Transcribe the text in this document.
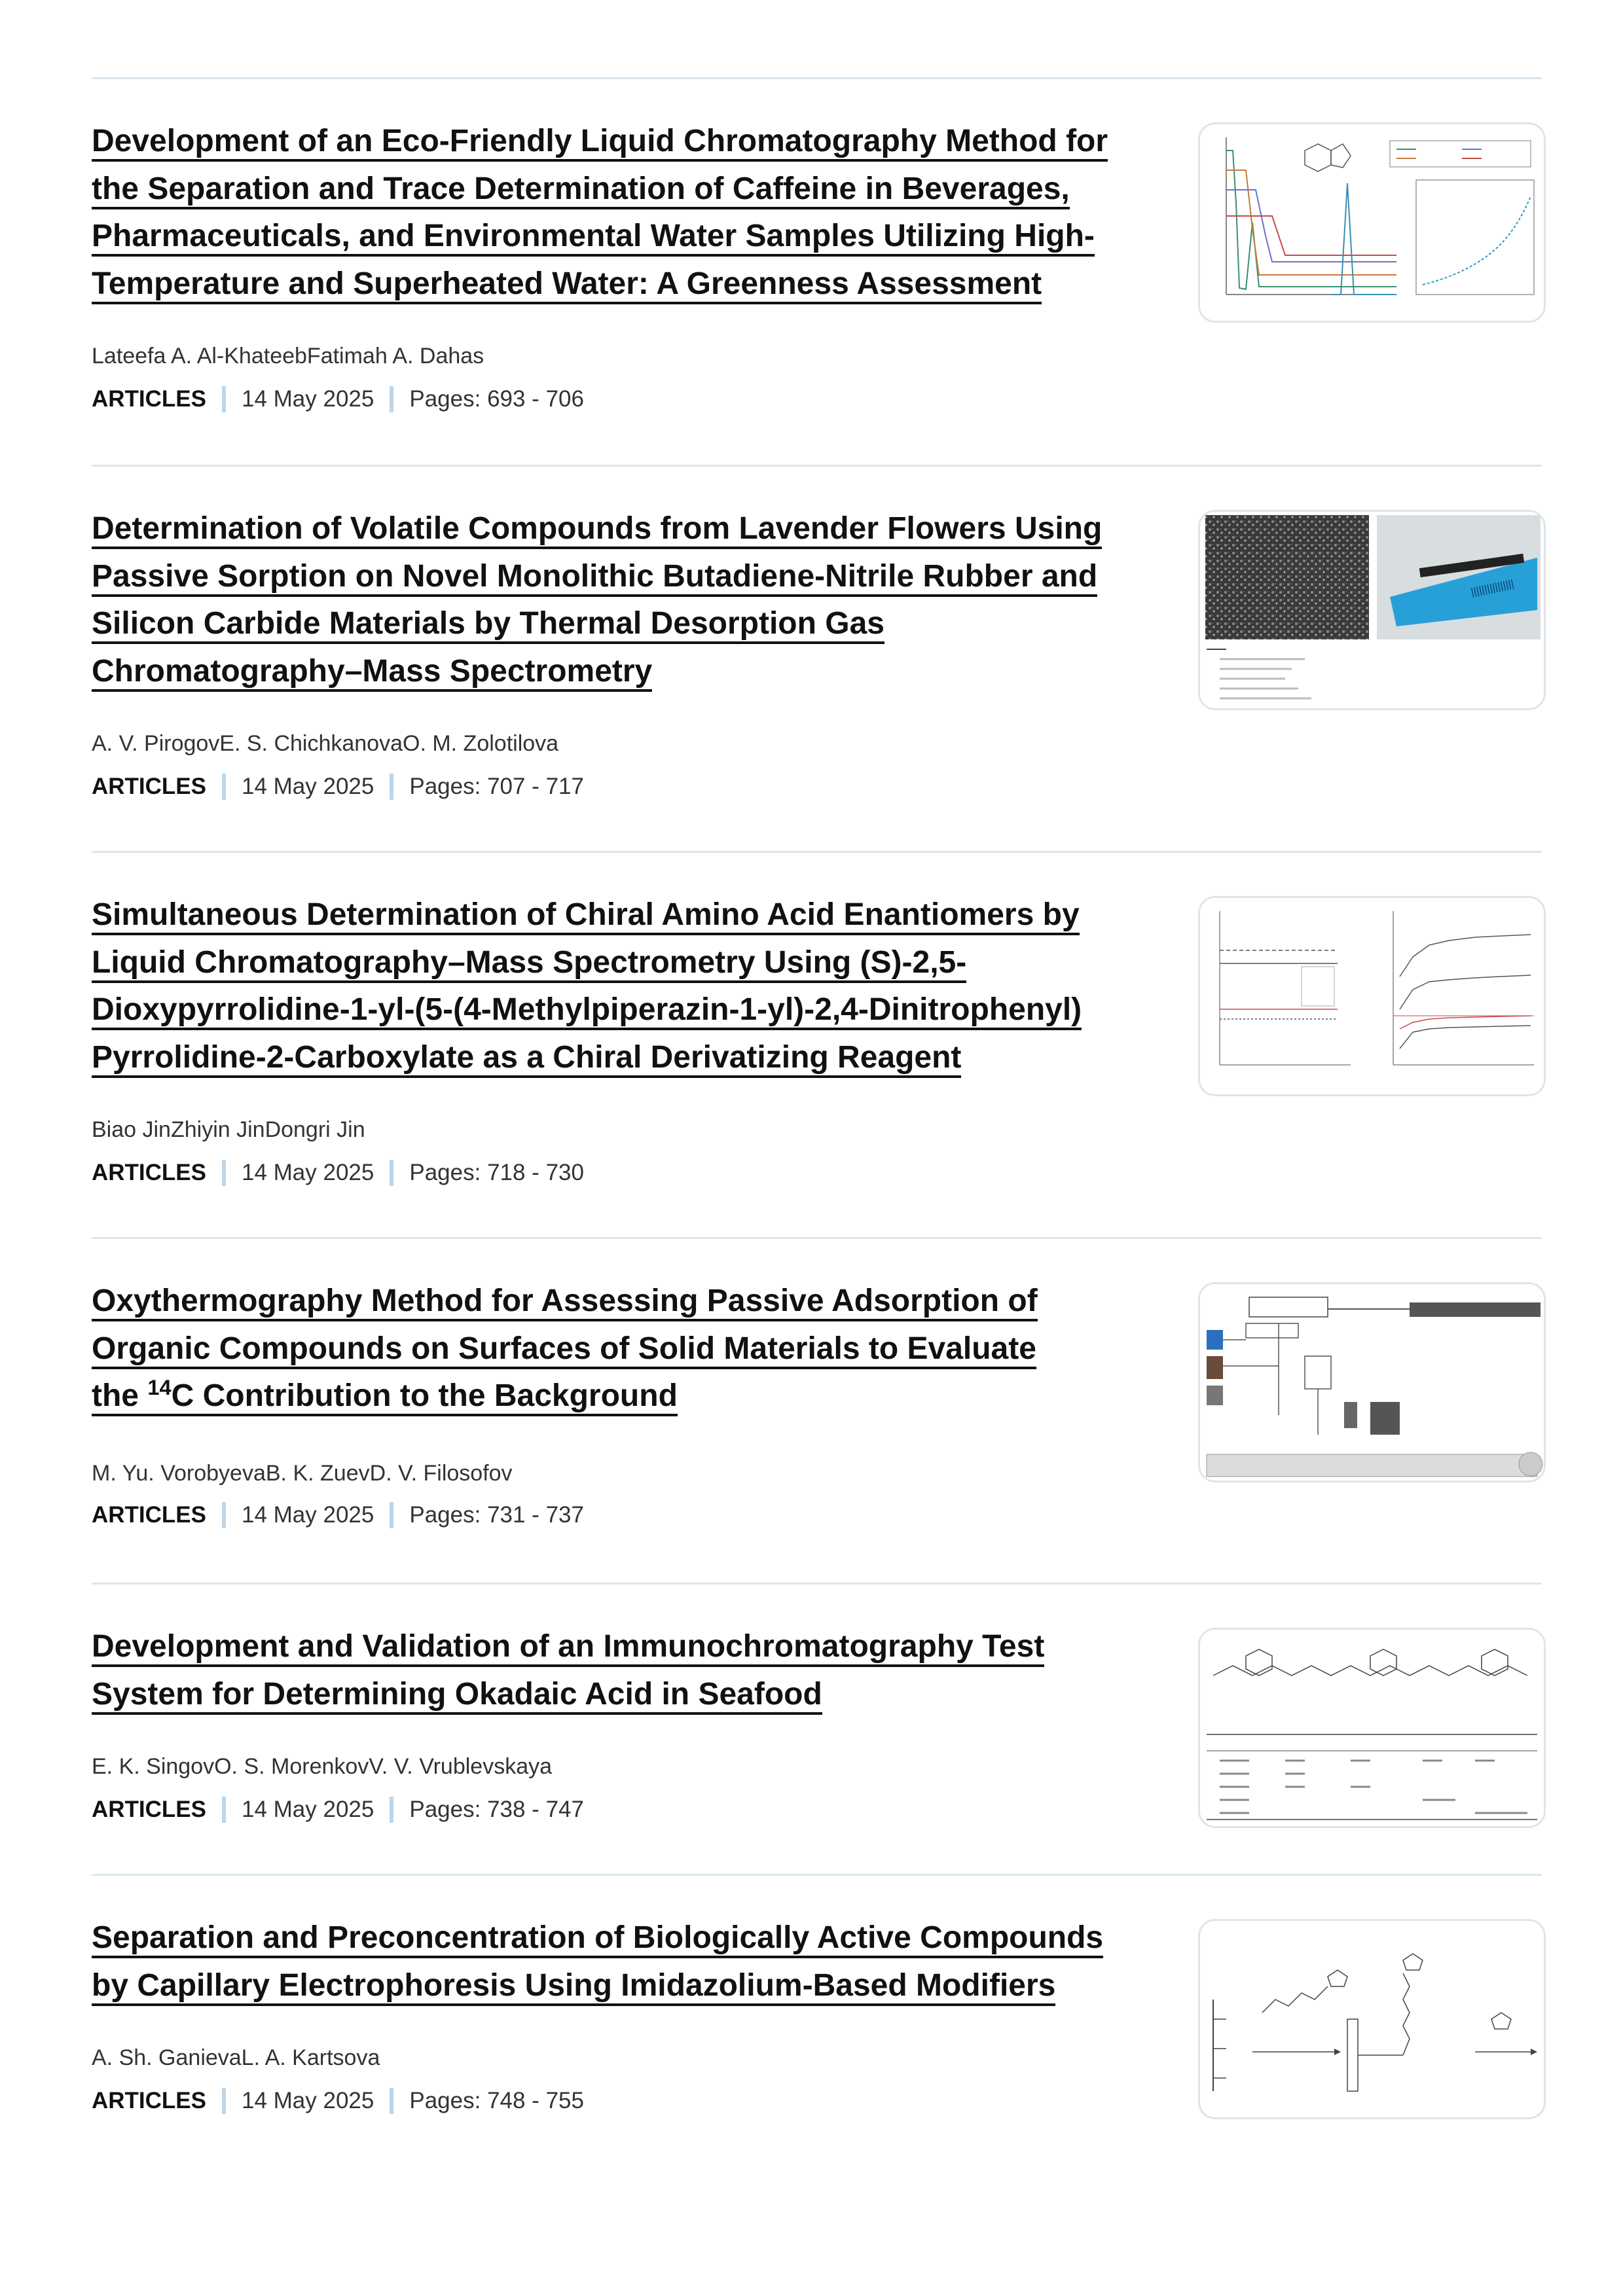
Development of an Eco-Friendly Liquid Chromatography Method for
the Separation and Trace Determination of Caffeine in Beverages,
Pharmaceuticals, and Environmental Water Samples Utilizing High-
Temperature and Superheated Water: A Greenness Assessment
Lateefa A. Al-KhateebFatimah A. Dahas
ARTICLES 14 May 2025 Pages: 693 - 706
Determination of Volatile Compounds from Lavender Flowers Using
Passive Sorption on Novel Monolithic Butadiene-Nitrile Rubber and
Silicon Carbide Materials by Thermal Desorption Gas
Chromatography–Mass Spectrometry
A. V. PirogovE. S. ChichkanovaO. M. Zolotilova
ARTICLES 14 May 2025 Pages: 707 - 717
||||||||||||||||
Simultaneous Determination of Chiral Amino Acid Enantiomers by
Liquid Chromatography–Mass Spectrometry Using (S)-2,5-
Dioxypyrrolidine-1-yl-(5-(4-Methylpiperazin-1-yl)-2,4-Dinitrophenyl)
Pyrrolidine-2-Carboxylate as a Chiral Derivatizing Reagent
Biao JinZhiyin JinDongri Jin
ARTICLES 14 May 2025 Pages: 718 - 730
Oxythermography Method for Assessing Passive Adsorption of
Organic Compounds on Surfaces of Solid Materials to Evaluate
the $^{14}$C Contribution to the Background
M. Yu. VorobyevaB. K. ZuevD. V. Filosofov
ARTICLES 14 May 2025 Pages: 731 - 737
Development and Validation of an Immunochromatography Test
System for Determining Okadaic Acid in Seafood
E. K. SingovO. S. MorenkovV. V. Vrublevskaya
ARTICLES 14 May 2025 Pages: 738 - 747
Separation and Preconcentration of Biologically Active Compounds
by Capillary Electrophoresis Using Imidazolium-Based Modifiers
A. Sh. GanievaL. A. Kartsova
ARTICLES 14 May 2025 Pages: 748 - 755
